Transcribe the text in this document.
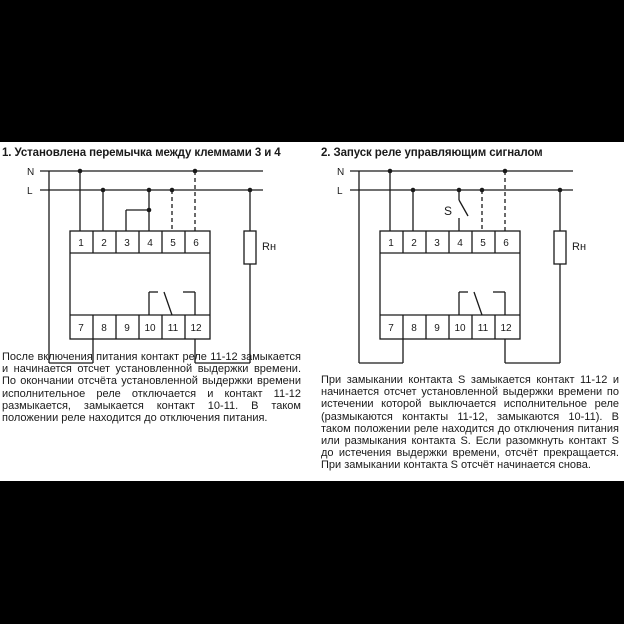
1. Установлена перемычка между клеммами 3 и 4
N
L
Rн
1 2 3 4 5 6
7 8 9 10 11 12

После включения питания контакт реле 11-12 замыкается и начинается отсчет установленной выдержки времени. По окончании отсчёта установленной выдержки времени исполнительное реле отключается и контакт 11-12 размыкается, замыкается контакт 10-11. В таком положении реле находится до отключения питания.

2. Запуск реле управляющим сигналом
N
L
S
Rн
1 2 3 4 5 6
7 8 9 10 11 12

При замыкании контакта S замыкается контакт 11-12 и начинается отсчет установленной выдержки времени по истечении которой выключается исполнительное реле (размыкаются контакты 11-12, замыкаются 10-11). В таком положении реле находится до отключения питания или размыкания контакта S. Если разомкнуть контакт S до истечения выдержки времени, отсчёт прекращается. При замыкании контакта S отсчёт начинается снова.
